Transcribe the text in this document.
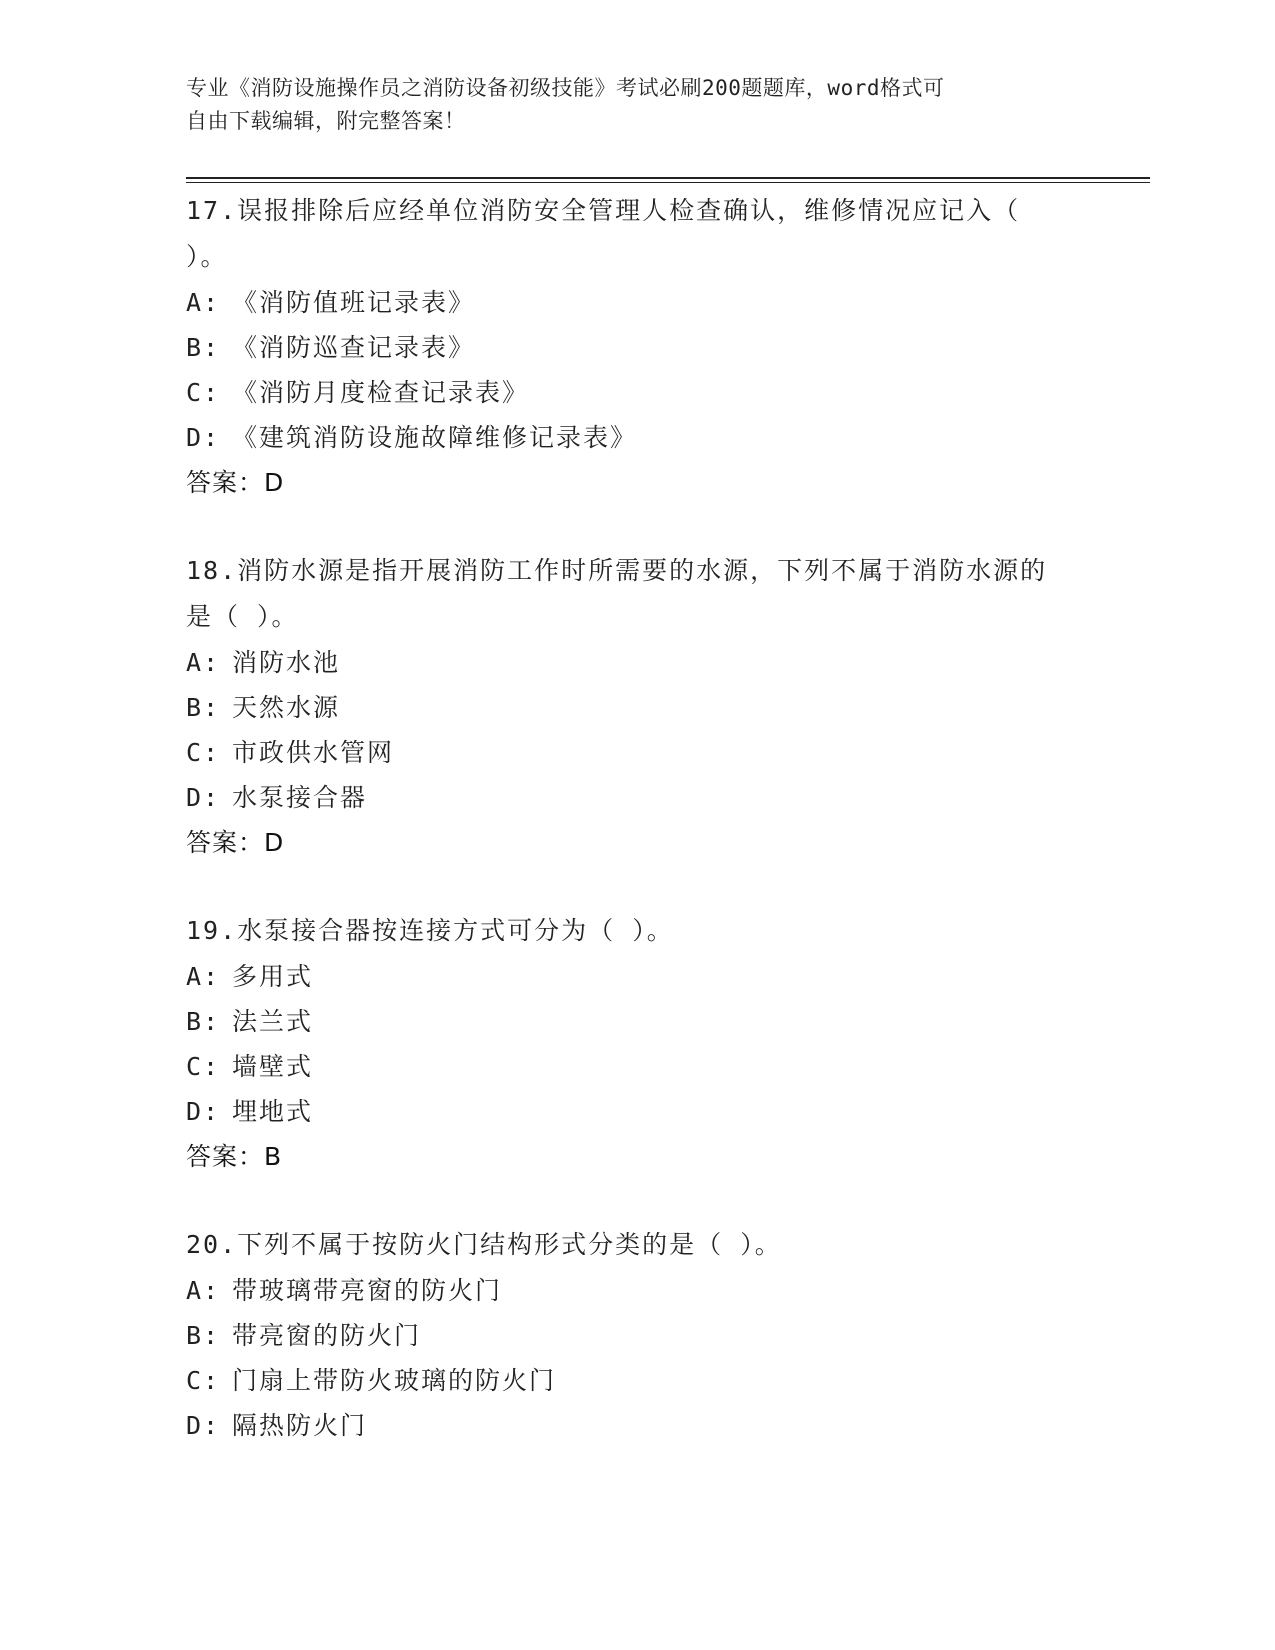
专业《消防设施操作员之消防设备初级技能》考试必刷200题题库，word格式可
自由下载编辑，附完整答案！
17.误报排除后应经单位消防安全管理人检查确认，维修情况应记入（ ）。
A: 《消防值班记录表》
B: 《消防巡查记录表》
C: 《消防月度检查记录表》
D: 《建筑消防设施故障维修记录表》
答案：D
18.消防水源是指开展消防工作时所需要的水源，下列不属于消防水源的是（ ）。
A: 消防水池
B: 天然水源
C: 市政供水管网
D: 水泵接合器
答案：D
19.水泵接合器按连接方式可分为（ ）。
A: 多用式
B: 法兰式
C: 墙壁式
D: 埋地式
答案：B
20.下列不属于按防火门结构形式分类的是（ ）。
A: 带玻璃带亮窗的防火门
B: 带亮窗的防火门
C: 门扇上带防火玻璃的防火门
D: 隔热防火门
